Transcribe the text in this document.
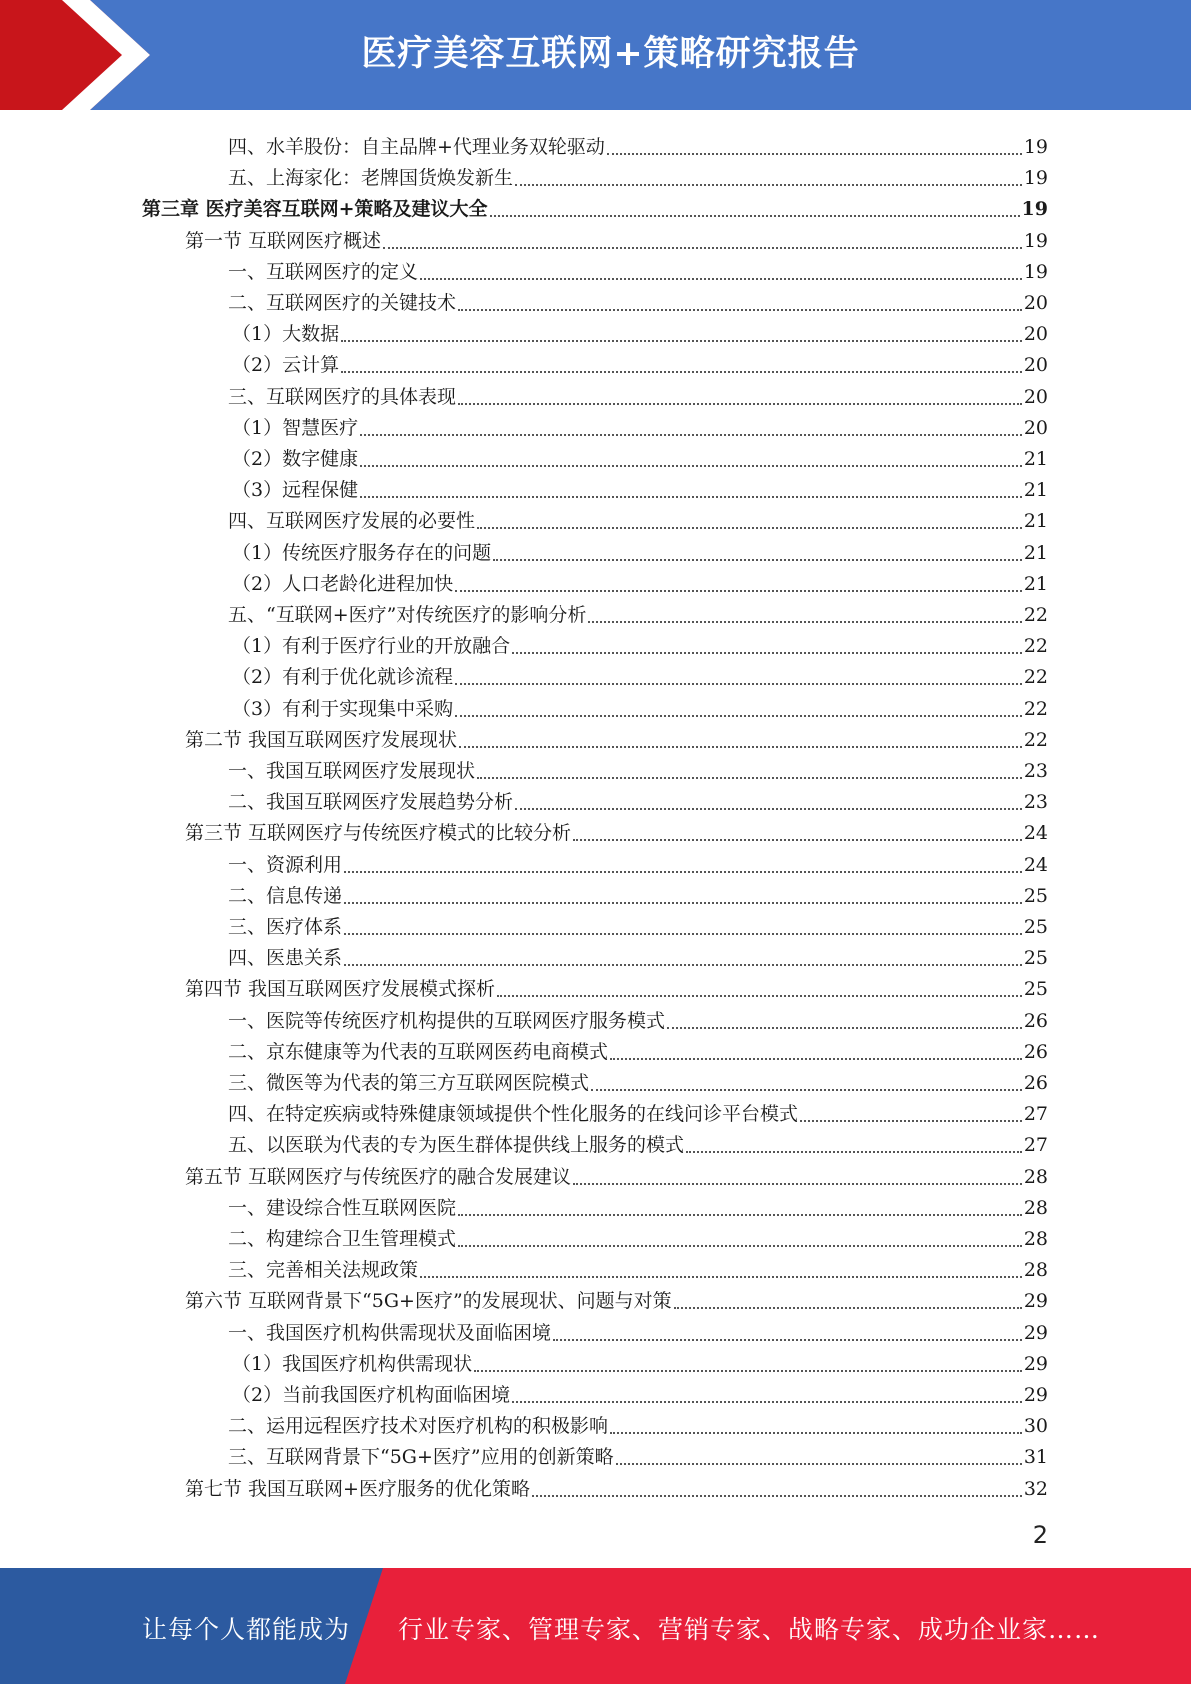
医疗美容互联网+策略研究报告
四、水羊股份：自主品牌+代理业务双轮驱动	19
五、上海家化：老牌国货焕发新生	19
第三章 医疗美容互联网+策略及建议大全	19
第一节 互联网医疗概述	19
一、互联网医疗的定义	19
二、互联网医疗的关键技术	20
（1）大数据	20
（2）云计算	20
三、互联网医疗的具体表现	20
（1）智慧医疗	20
（2）数字健康	21
（3）远程保健	21
四、互联网医疗发展的必要性	21
（1）传统医疗服务存在的问题	21
（2）人口老龄化进程加快	21
五、“互联网+医疗”对传统医疗的影响分析	22
（1）有利于医疗行业的开放融合	22
（2）有利于优化就诊流程	22
（3）有利于实现集中采购	22
第二节 我国互联网医疗发展现状	22
一、我国互联网医疗发展现状	23
二、我国互联网医疗发展趋势分析	23
第三节 互联网医疗与传统医疗模式的比较分析	24
一、资源利用	24
二、信息传递	25
三、医疗体系	25
四、医患关系	25
第四节 我国互联网医疗发展模式探析	25
一、医院等传统医疗机构提供的互联网医疗服务模式	26
二、京东健康等为代表的互联网医药电商模式	26
三、微医等为代表的第三方互联网医院模式	26
四、在特定疾病或特殊健康领域提供个性化服务的在线问诊平台模式	27
五、以医联为代表的专为医生群体提供线上服务的模式	27
第五节 互联网医疗与传统医疗的融合发展建议	28
一、建设综合性互联网医院	28
二、构建综合卫生管理模式	28
三、完善相关法规政策	28
第六节 互联网背景下“5G+医疗”的发展现状、问题与对策	29
一、我国医疗机构供需现状及面临困境	29
（1）我国医疗机构供需现状	29
（2）当前我国医疗机构面临困境	29
二、运用远程医疗技术对医疗机构的积极影响	30
三、互联网背景下“5G+医疗”应用的创新策略	31
第七节 我国互联网+医疗服务的优化策略	32
2
让每个人都能成为 行业专家、管理专家、营销专家、战略专家、成功企业家……
